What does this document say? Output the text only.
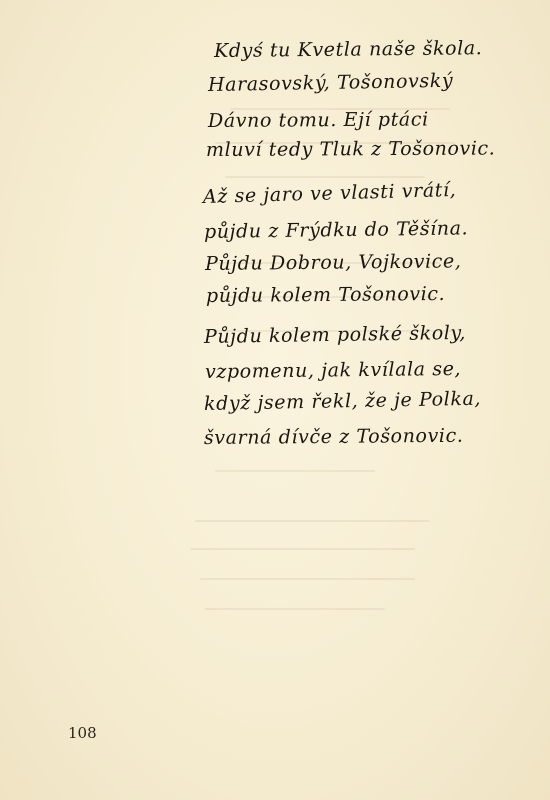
Kdyś tu Kvetla naše škola.
Harasovský, Tošonovský
Dávno tomu. Ejí ptáci
mluví tedy Tluk z Tošonovic.
Až se jaro ve vlasti vrátí,
půjdu z Frýdku do Těšína.
Půjdu Dobrou, Vojkovice,
půjdu kolem Tošonovic.
Půjdu kolem polské školy,
vzpomenu, jak kvílala se,
když jsem řekl, že je Polka,
švarná dívče z Tošonovic.
108
